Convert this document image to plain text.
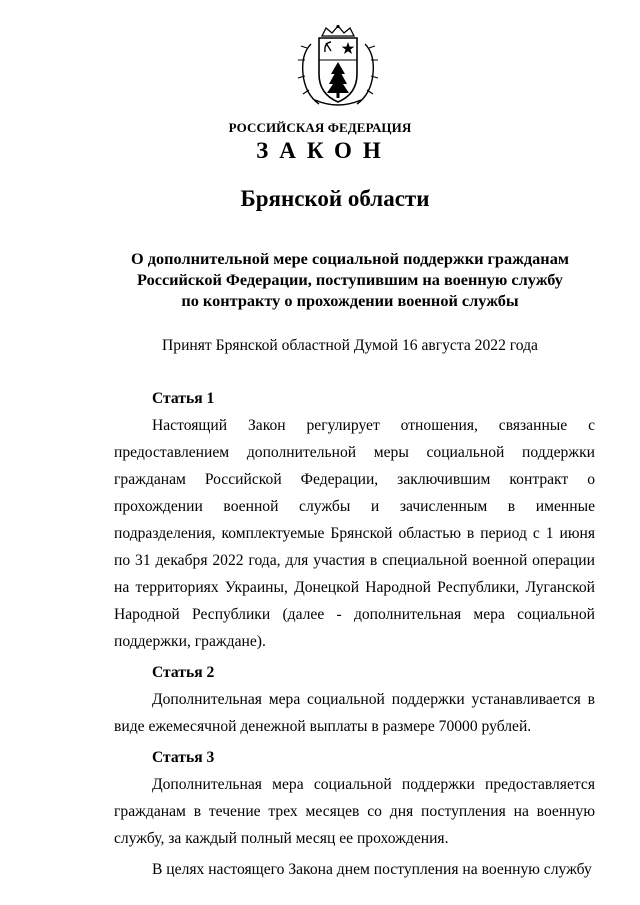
РОССИЙСКАЯ ФЕДЕРАЦИЯ
ЗАКОН
Брянской области
О дополнительной мере социальной поддержки гражданам
Российской Федерации, поступившим на военную службу
по контракту о прохождении военной службы
Принят Брянской областной Думой 16 августа 2022 года
Статья 1

Настоящий Закон регулирует отношения, связанные с предоставлением дополнительной меры социальной поддержки гражданам Российской Федерации, заключившим контракт о прохождении военной службы и зачисленным в именные подразделения, комплектуемые Брянской областью в период с 1 июня по 31 декабря 2022 года, для участия в специальной военной операции на территориях Украины, Донецкой Народной Республики, Луганской Народной Республики (далее - дополнительная мера социальной поддержки, граждане).

Статья 2

Дополнительная мера социальной поддержки устанавливается в виде ежемесячной денежной выплаты в размере 70000 рублей.

Статья 3

Дополнительная мера социальной поддержки предоставляется гражданам в течение трех месяцев со дня поступления на военную службу, за каждый полный месяц ее прохождения.

В целях настоящего Закона днем поступления на военную службу
